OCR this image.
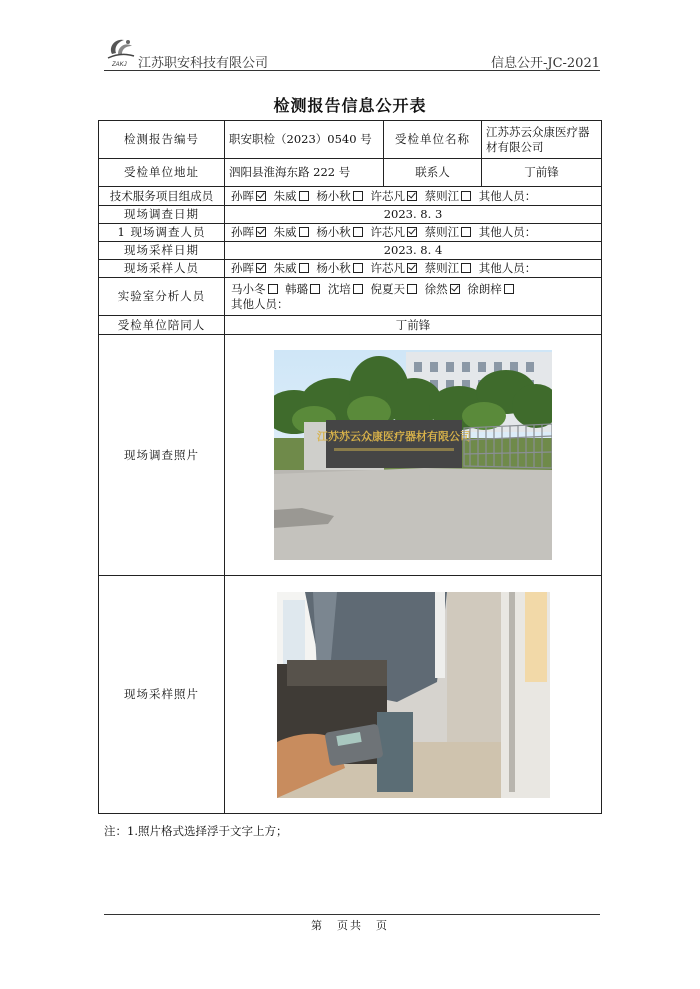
ZAKJ 江苏职安科技有限公司	信息公开-JC-2021
检测报告信息公开表
检测报告编号	职安职检（2023）0540 号	受检单位名称	江苏苏云众康医疗器材有限公司
受检单位地址	泗阳县淮海东路 222 号	联系人	丁前锋
技术服务项目组成员	孙晖 朱威 杨小秋 许芯凡 蔡则江 其他人员：		
现场调查日期	2023. 8. 3		
1 现场调查人员	孙晖 朱威 杨小秋 许芯凡 蔡则江 其他人员：		
现场采样日期	2023. 8. 4		
现场采样人员	孙晖 朱威 杨小秋 许芯凡 蔡则江 其他人员：		
实验室分析人员	马小冬 韩璐 沈培 倪夏天 徐然 徐朗梓
其他人员：		
受检单位陪同人	丁前锋		
现场调查照片	江苏苏云众康医疗器材有限公司		

现场采样照片	
注：1.照片格式选择浮于文字上方；
第　页共　页
